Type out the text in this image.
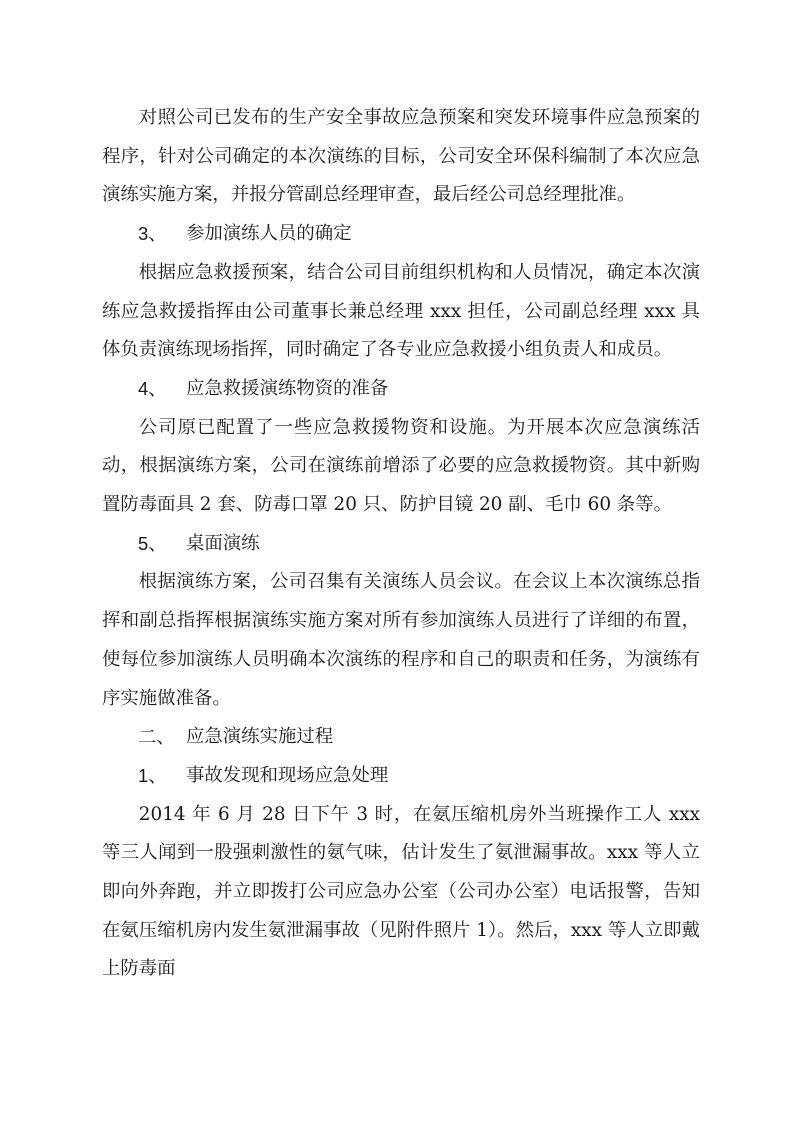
对照公司已发布的生产安全事故应急预案和突发环境事件应急预案的程序，针对公司确定的本次演练的目标，公司安全环保科编制了本次应急演练实施方案，并报分管副总经理审查，最后经公司总经理批准。

3、	参加演练人员的确定

根据应急救援预案，结合公司目前组织机构和人员情况，确定本次演练应急救援指挥由公司董事长兼总经理 xxx 担任，公司副总经理 xxx 具体负责演练现场指挥，同时确定了各专业应急救援小组负责人和成员。

4、	应急救援演练物资的准备

公司原已配置了一些应急救援物资和设施。为开展本次应急演练活动，根据演练方案，公司在演练前增添了必要的应急救援物资。其中新购置防毒面具 2 套、防毒口罩 20 只、防护目镜 20 副、毛巾 60 条等。

5、	桌面演练

根据演练方案，公司召集有关演练人员会议。在会议上本次演练总指挥和副总指挥根据演练实施方案对所有参加演练人员进行了详细的布置，使每位参加演练人员明确本次演练的程序和自己的职责和任务，为演练有序实施做准备。

二、 应急演练实施过程
1、	事故发现和现场应急处理

2014 年 6 月 28 日下午 3 时，在氨压缩机房外当班操作工人 xxx 等三人闻到一股强刺激性的氨气味，估计发生了氨泄漏事故。xxx 等人立即向外奔跑，并立即拨打公司应急办公室（公司办公室）电话报警，告知在氨压缩机房内发生氨泄漏事故（见附件照片 1）。然后，xxx 等人立即戴上防毒面
